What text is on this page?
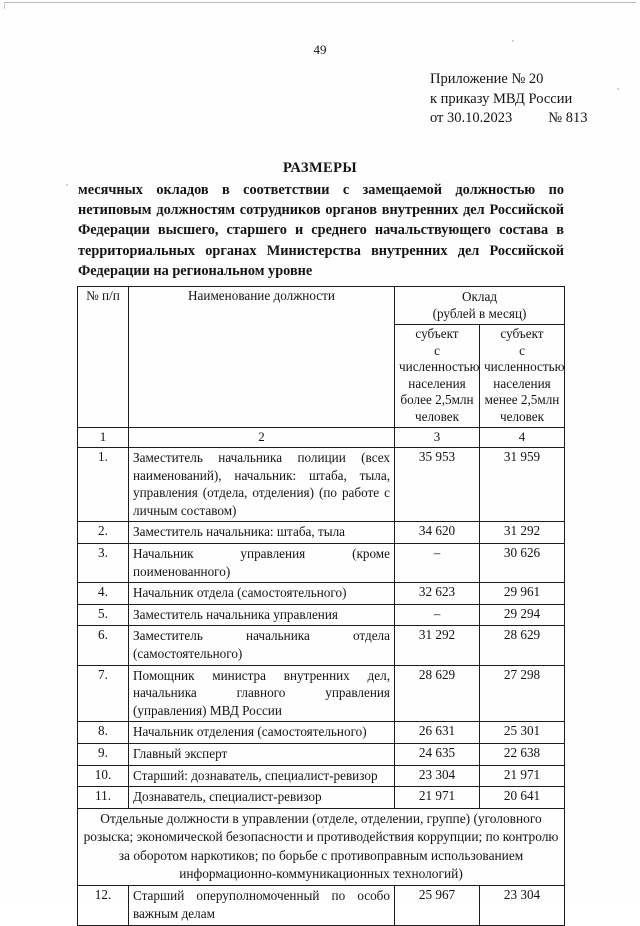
49
Приложение № 20
к приказу МВД России
от 30.10.2023 № 813
РАЗМЕРЫ
месячных окладов в соответствии с замещаемой должностью по нетиповым должностям сотрудников органов внутренних дел Российской Федерации высшего, старшего и среднего начальствующего состава в территориальных органах Министерства внутренних дел Российской Федерации на региональном уровне
№ п/п	Наименование должности	Оклад
(рублей в месяц)	

субъект
с численностью
населения
более 2,5млн
человек

субъект
с численностью
населения
менее 2,5млн
человек

1	2	3	4
1.	Заместитель начальника полиции (всех наименований), начальник: штаба, тыла, управления (отдела, отделения) (по работе с личным составом)	35 953	31 959
2.	Заместитель начальника: штаба, тыла	34 620	31 292
3.	Начальник управления (кроме поименованного)	–	30 626
4.	Начальник отдела (самостоятельного)	32 623	29 961
5.	Заместитель начальника управления	–	29 294
6.	Заместитель начальника отдела (самостоятельного)	31 292	28 629
7.	Помощник министра внутренних дел, начальника главного управления (управления) МВД России	28 629	27 298
8.	Начальник отделения (самостоятельного)	26 631	25 301
9.	Главный эксперт	24 635	22 638
10.	Старший: дознаватель, специалист-ревизор	23 304	21 971
11.	Дознаватель, специалист-ревизор	21 971	20 641
Отдельные должности в управлении (отделе, отделении, группе) (уголовного розыска; экономической безопасности и противодействия коррупции; по контролю за оборотом наркотиков; по борьбе с противоправным использованием информационно-коммуникационных технологий)			
12.	Старший оперуполномоченный по особо важным делам	25 967	23 304
